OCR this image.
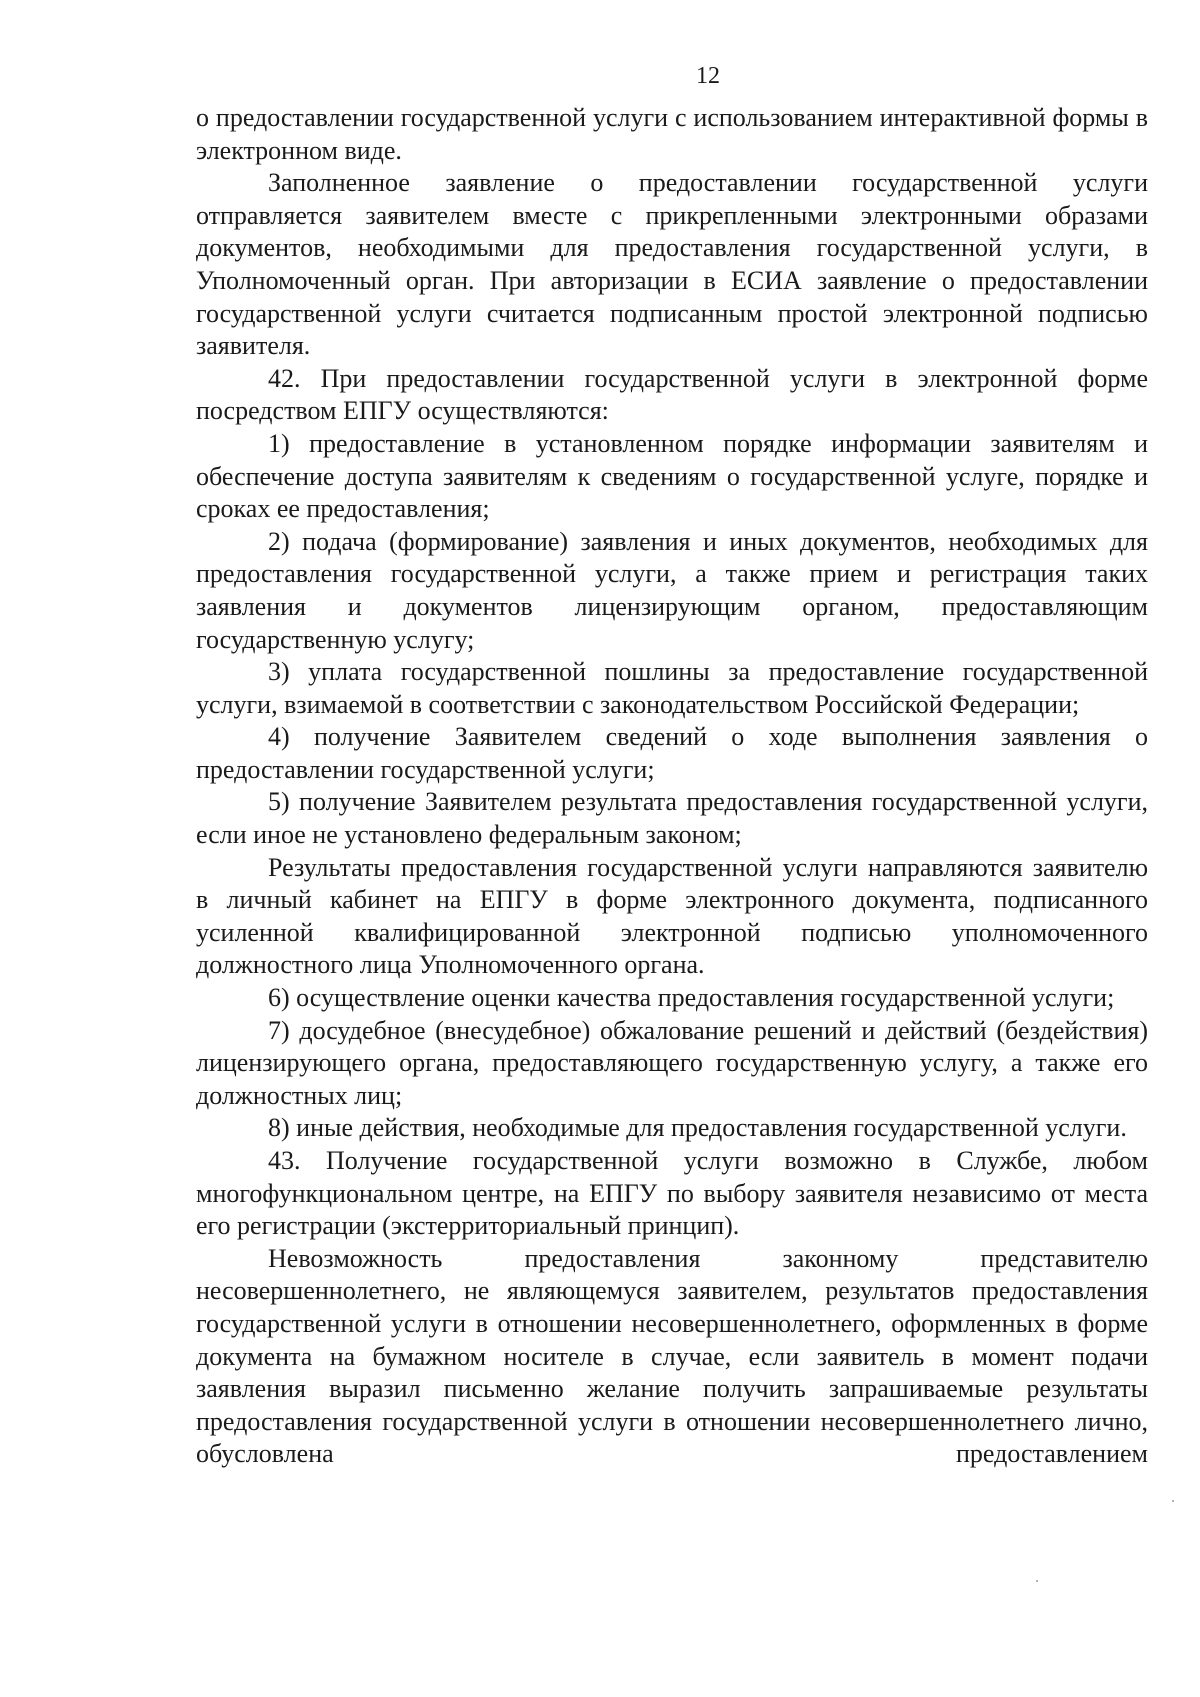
12

о предоставлении государственной услуги с использованием интерактивной формы в электронном виде.

Заполненное заявление о предоставлении государственной услуги отправляется заявителем вместе с прикрепленными электронными образами документов, необходимыми для предоставления государственной услуги, в Уполномоченный орган. При авторизации в ЕСИА заявление о предоставлении государственной услуги считается подписанным простой электронной подписью заявителя.

42. При предоставлении государственной услуги в электронной форме посредством ЕПГУ осуществляются:

1) предоставление в установленном порядке информации заявителям и обеспечение доступа заявителям к сведениям о государственной услуге, порядке и сроках ее предоставления;

2) подача (формирование) заявления и иных документов, необходимых для предоставления государственной услуги, а также прием и регистрация таких заявления и документов лицензирующим органом, предоставляющим государственную услугу;

3) уплата государственной пошлины за предоставление государственной услуги, взимаемой в соответствии с законодательством Российской Федерации;

4) получение Заявителем сведений о ходе выполнения заявления о предоставлении государственной услуги;

5) получение Заявителем результата предоставления государственной услуги, если иное не установлено федеральным законом;

Результаты предоставления государственной услуги направляются заявителю в личный кабинет на ЕПГУ в форме электронного документа, подписанного усиленной квалифицированной электронной подписью уполномоченного должностного лица Уполномоченного органа.

6) осуществление оценки качества предоставления государственной услуги;

7) досудебное (внесудебное) обжалование решений и действий (бездействия) лицензирующего органа, предоставляющего государственную услугу, а также его должностных лиц;

8) иные действия, необходимые для предоставления государственной услуги.

43. Получение государственной услуги возможно в Службе, любом многофункциональном центре, на ЕПГУ по выбору заявителя независимо от места его регистрации (экстерриториальный принцип).

Невозможность предоставления законному представителю несовершеннолетнего, не являющемуся заявителем, результатов предоставления государственной услуги в отношении несовершеннолетнего, оформленных в форме документа на бумажном носителе в случае, если заявитель в момент подачи заявления выразил письменно желание получить запрашиваемые результаты предоставления государственной услуги в отношении несовершеннолетнего лично, обусловлена предоставлением
